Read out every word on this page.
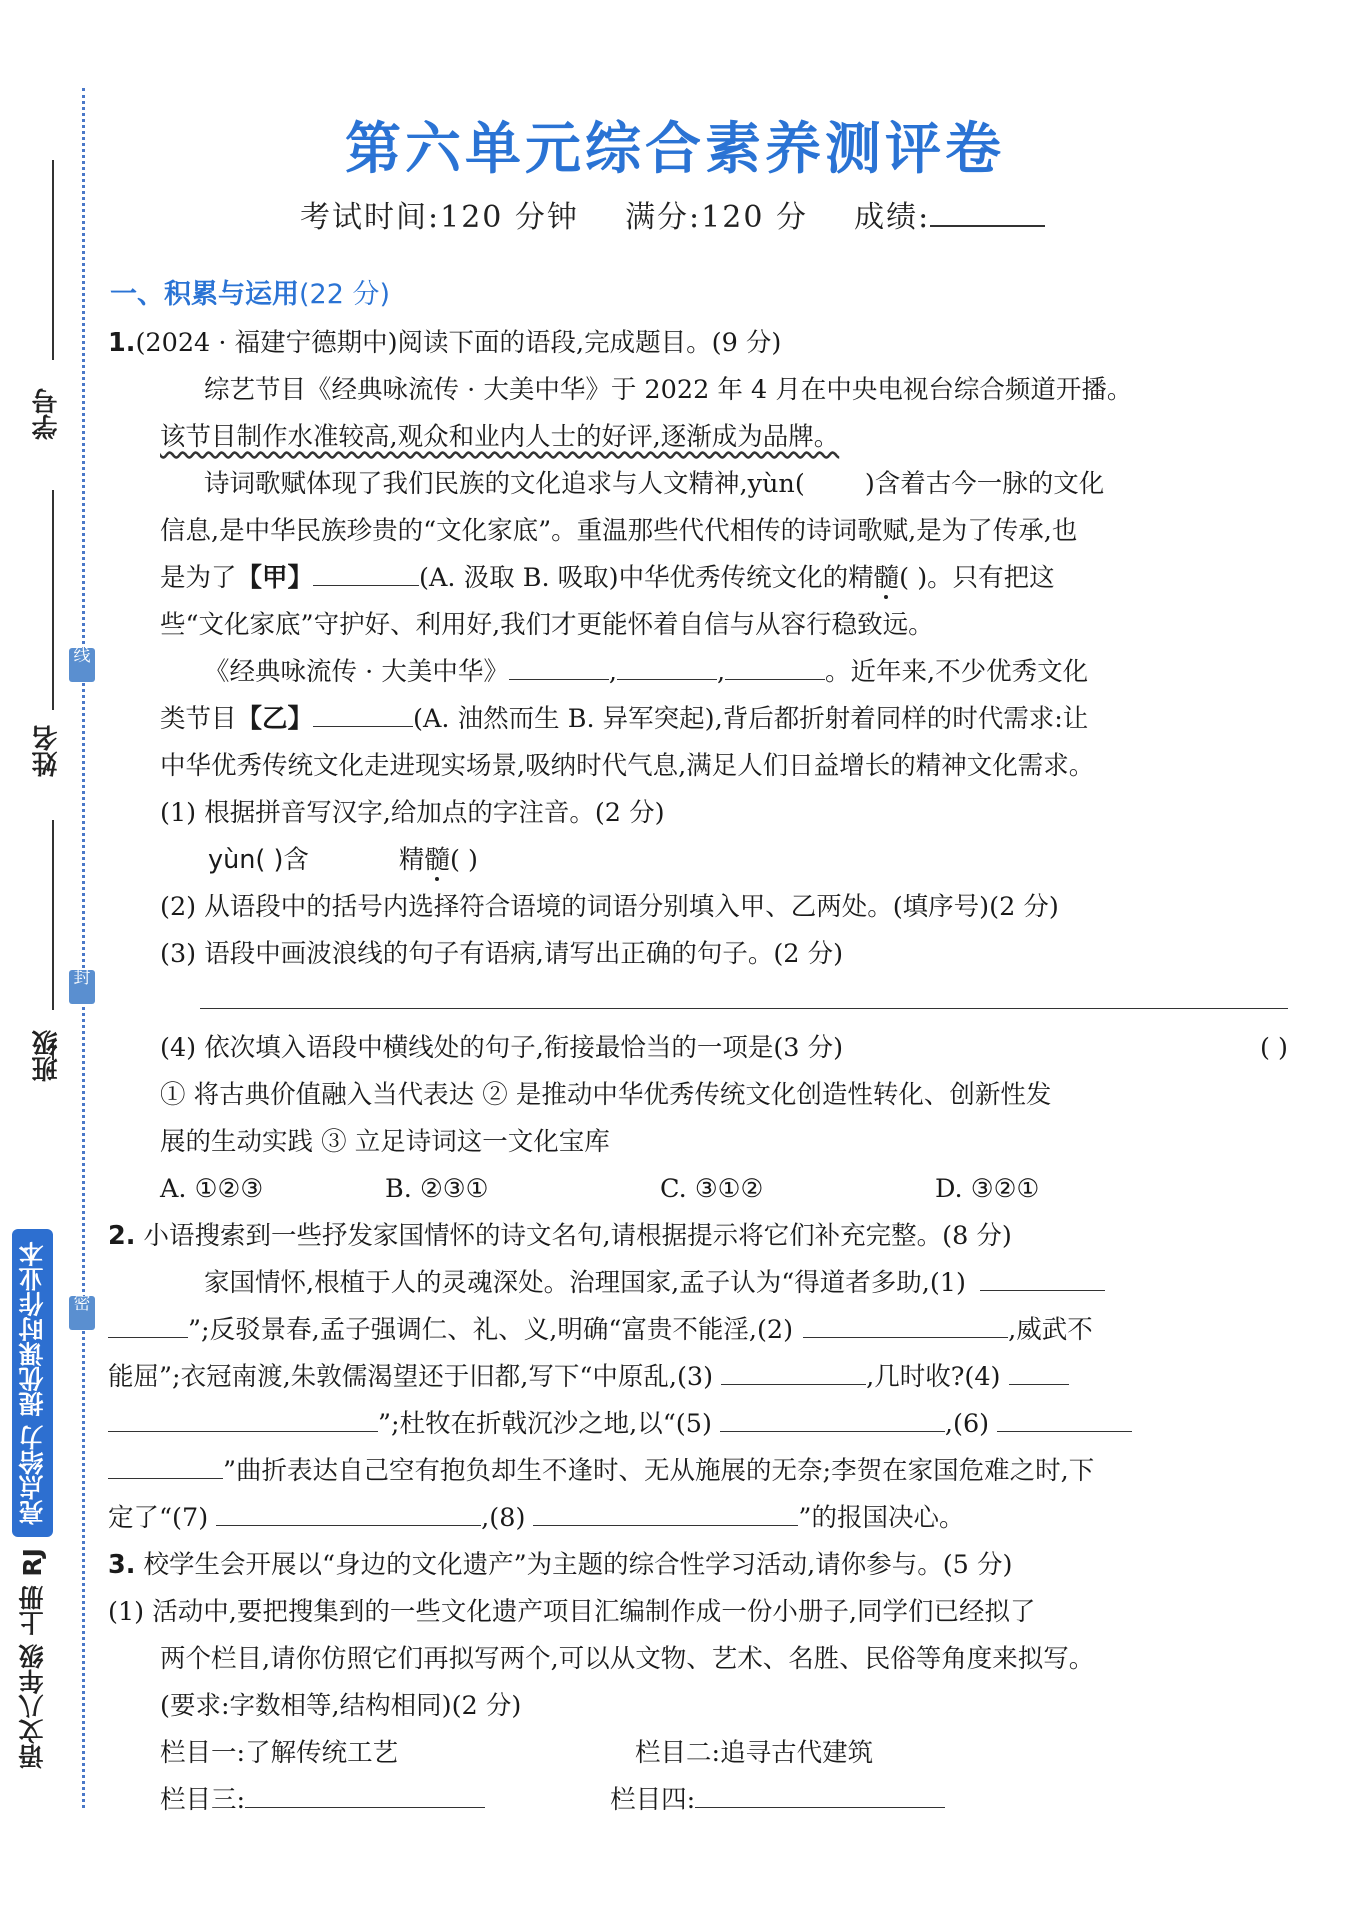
学号
姓名
班级
线
封
密
语文八年级 上册 RJ 亮点给力 提优课时作业本
第六单元综合素养测评卷
考试时间:120 分钟 满分:120 分 成绩:
一、积累与运用(22 分)
1.(2024 · 福建宁德期中)阅读下面的语段,完成题目。(9 分)
综艺节目《经典咏流传 · 大美中华》于 2022 年 4 月在中央电视台综合频道开播。
该节目制作水准较高,观众和业内人士的好评,逐渐成为品牌。
诗词歌赋体现了我们民族的文化追求与人文精神,yùn( )含着古今一脉的文化
信息,是中华民族珍贵的“文化家底”。重温那些代代相传的诗词歌赋,是为了传承,也
是为了【甲】	(A. 汲取 B. 吸取)中华优秀传统文化的精髓( )。只有把这
些“文化家底”守护好、利用好,我们才更能怀着自信与从容行稳致远。
《经典咏流传 · 大美中华》	,	,	。近年来,不少优秀文化
类节目【乙】	(A. 油然而生 B. 异军突起),背后都折射着同样的时代需求:让
中华优秀传统文化走进现实场景,吸纳时代气息,满足人们日益增长的精神文化需求。
(1) 根据拼音写汉字,给加点的字注音。(2 分)
yùn( )含	精髓( )
(2) 从语段中的括号内选择符合语境的词语分别填入甲、乙两处。(填序号)(2 分)
(3) 语段中画波浪线的句子有语病,请写出正确的句子。(2 分)
(4) 依次填入语段中横线处的句子,衔接最恰当的一项是(3 分)	( )
① 将古典价值融入当代表达 ② 是推动中华优秀传统文化创造性转化、创新性发
展的生动实践 ③ 立足诗词这一文化宝库
A. ①②③	B. ②③①	C. ③①②	D. ③②①
2. 小语搜索到一些抒发家国情怀的诗文名句,请根据提示将它们补充完整。(8 分)
家国情怀,根植于人的灵魂深处。治理国家,孟子认为“得道者多助,(1)
”;反驳景春,孟子强调仁、礼、义,明确“富贵不能淫,(2)	,威武不
能屈”;衣冠南渡,朱敦儒渴望还于旧都,写下“中原乱,(3)	,几时收?(4)
”;杜牧在折戟沉沙之地,以“(5)	,(6)
”曲折表达自己空有抱负却生不逢时、无从施展的无奈;李贺在家国危难之时,下
定了“(7)	,(8)	”的报国决心。
3. 校学生会开展以“身边的文化遗产”为主题的综合性学习活动,请你参与。(5 分)
(1) 活动中,要把搜集到的一些文化遗产项目汇编制作成一份小册子,同学们已经拟了
两个栏目,请你仿照它们再拟写两个,可以从文物、艺术、名胜、民俗等角度来拟写。
(要求:字数相等,结构相同)(2 分)
栏目一:了解传统工艺	栏目二:追寻古代建筑
栏目三:	栏目四:
